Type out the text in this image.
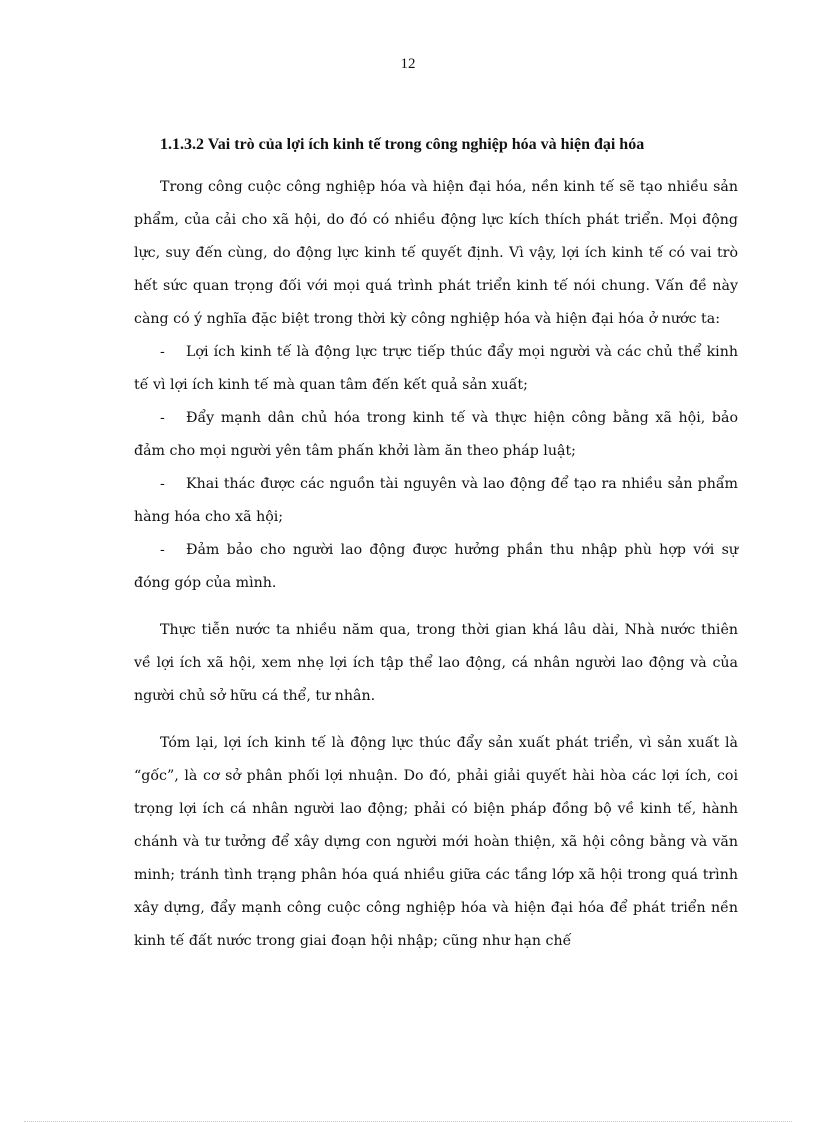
12
1.1.3.2 Vai trò của lợi ích kinh tế trong công nghiệp hóa và hiện đại hóa

Trong công cuộc công nghiệp hóa và hiện đại hóa, nền kinh tế sẽ tạo nhiều sản phẩm, của cải cho xã hội, do đó có nhiều động lực kích thích phát triển. Mọi động lực, suy đến cùng, do động lực kinh tế quyết định. Vì vậy, lợi ích kinh tế có vai trò hết sức quan trọng đối với mọi quá trình phát triển kinh tế nói chung. Vấn đề này càng có ý nghĩa đặc biệt trong thời kỳ công nghiệp hóa và hiện đại hóa ở nước ta:

- Lợi ích kinh tế là động lực trực tiếp thúc đẩy mọi người và các chủ thể kinh tế vì lợi ích kinh tế mà quan tâm đến kết quả sản xuất;

- Đẩy mạnh dân chủ hóa trong kinh tế và thực hiện công bằng xã hội, bảo đảm cho mọi người yên tâm phấn khởi làm ăn theo pháp luật;

- Khai thác được các nguồn tài nguyên và lao động để tạo ra nhiều sản phẩm hàng hóa cho xã hội;

- Đảm bảo cho người lao động được hưởng phần thu nhập phù hợp với sự đóng góp của mình.

Thực tiễn nước ta nhiều năm qua, trong thời gian khá lâu dài, Nhà nước thiên về lợi ích xã hội, xem nhẹ lợi ích tập thể lao động, cá nhân người lao động và của người chủ sở hữu cá thể, tư nhân.

Tóm lại, lợi ích kinh tế là động lực thúc đẩy sản xuất phát triển, vì sản xuất là “gốc”, là cơ sở phân phối lợi nhuận. Do đó, phải giải quyết hài hòa các lợi ích, coi trọng lợi ích cá nhân người lao động; phải có biện pháp đồng bộ về kinh tế, hành chánh và tư tưởng để xây dựng con người mới hoàn thiện, xã hội công bằng và văn minh; tránh tình trạng phân hóa quá nhiều giữa các tầng lớp xã hội trong quá trình xây dựng, đẩy mạnh công cuộc công nghiệp hóa và hiện đại hóa để phát triển nền kinh tế đất nước trong giai đoạn hội nhập; cũng như hạn chế
